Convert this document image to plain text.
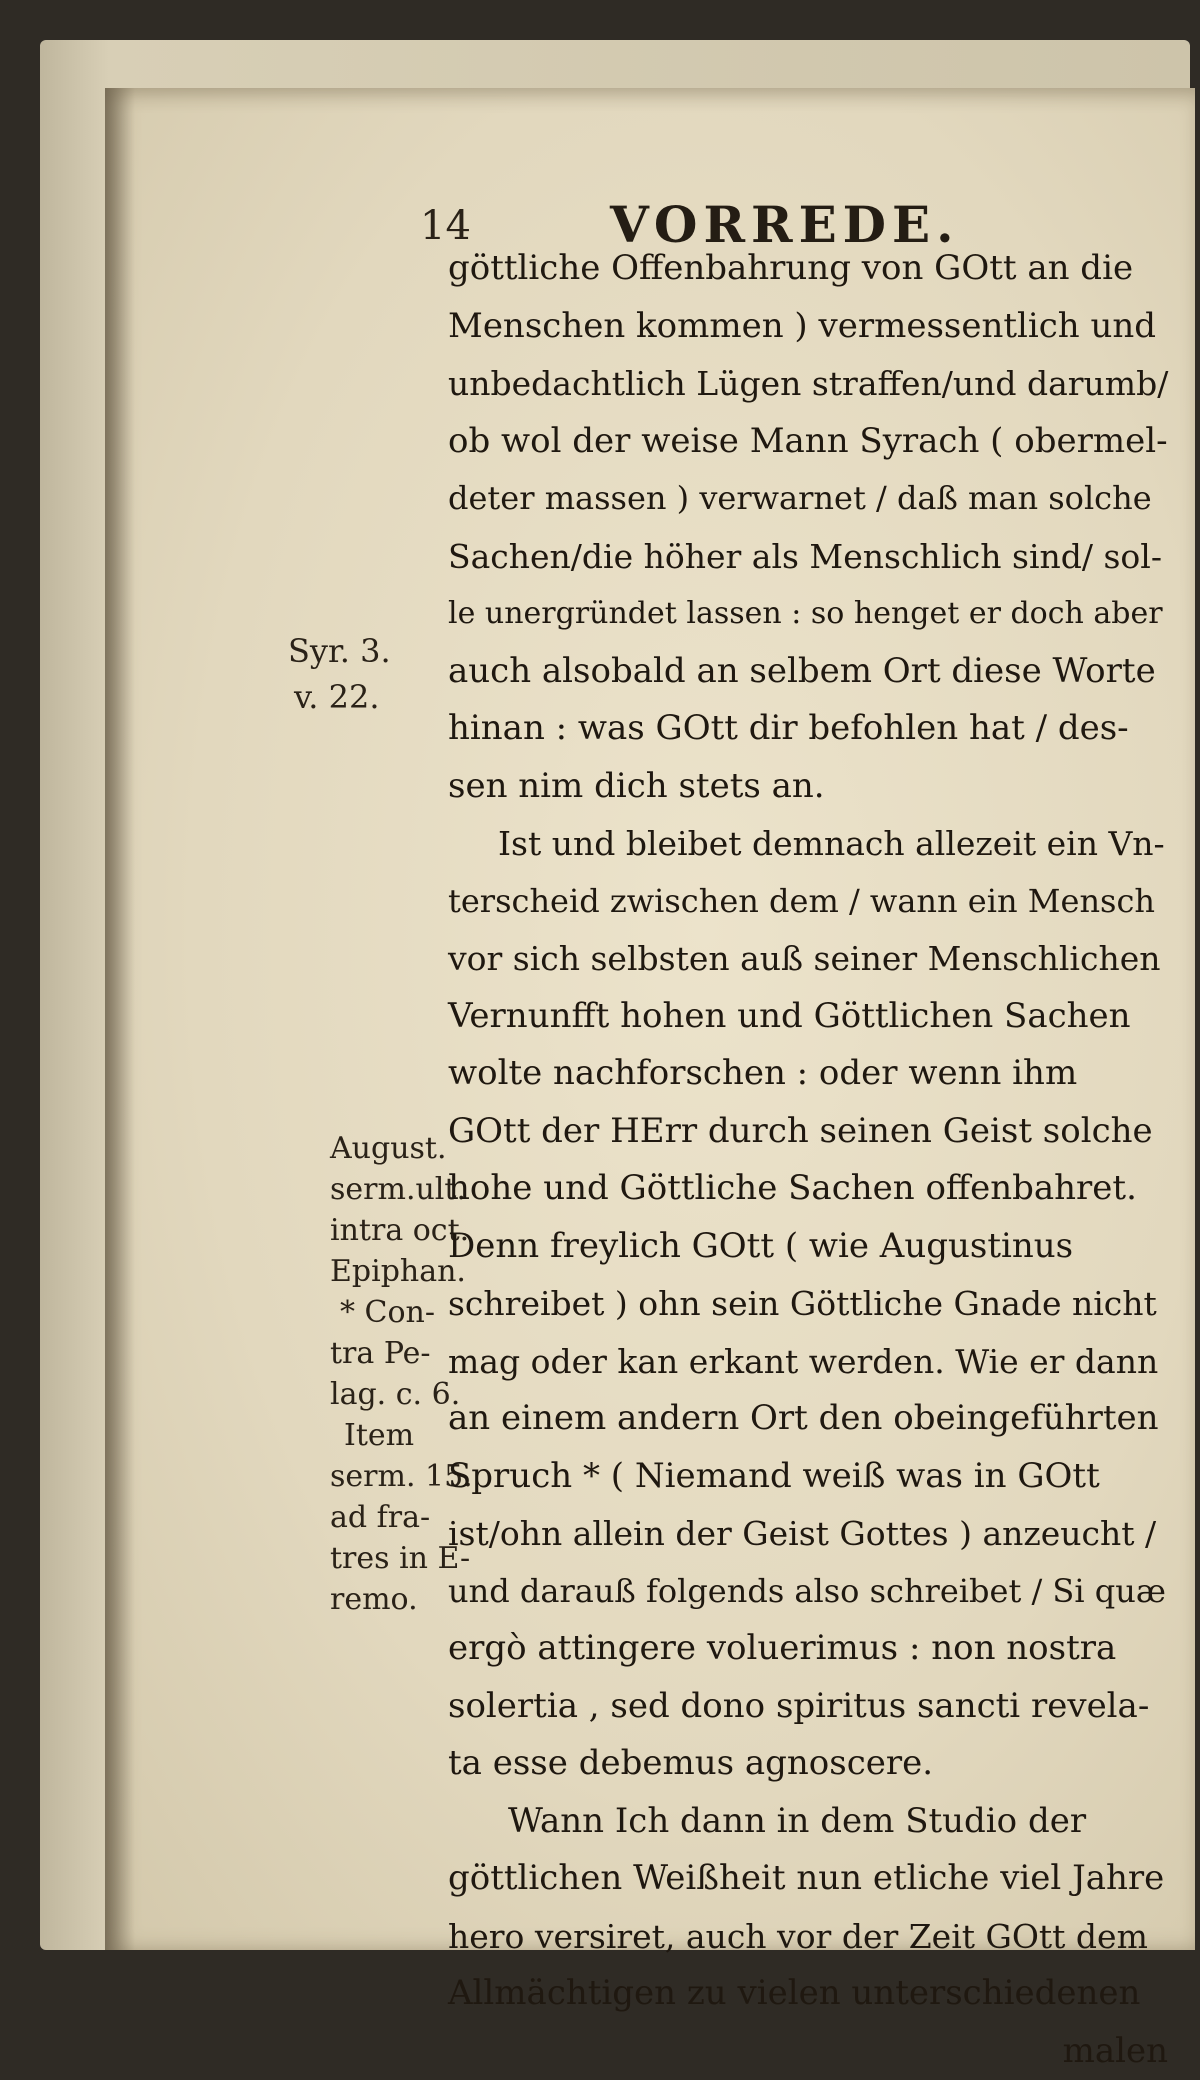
14	VORREDE.
Syr. 3.
v. 22.
August.
serm.ult.
intra oct.
Epiphan.
* Con-
tra Pe-
lag. c. 6.
Item
serm. 15.
ad fra-
tres in E-
remo.
göttliche Offenbahrung von GOtt an die
Menschen kommen ) vermessentlich und
unbedachtlich Lügen straffen/und darumb/
ob wol der weise Mann Syrach ( obermel-
deter massen ) verwarnet / daß man solche
Sachen/die höher als Menschlich sind/ sol-
le unergründet lassen : so henget er doch aber
auch alsobald an selbem Ort diese Worte
hinan : was GOtt dir befohlen hat / des-
sen nim dich stets an.
Ist und bleibet demnach allezeit ein Vn-
terscheid zwischen dem / wann ein Mensch
vor sich selbsten auß seiner Menschlichen
Vernunfft hohen und Göttlichen Sachen
wolte nachforschen : oder wenn ihm
GOtt der HErr durch seinen Geist solche
hohe und Göttliche Sachen offenbahret.
Denn freylich GOtt ( wie Augustinus
schreibet ) ohn sein Göttliche Gnade nicht
mag oder kan erkant werden. Wie er dann
an einem andern Ort den obeingeführten
Spruch * ( Niemand weiß was in GOtt
ist/ohn allein der Geist Gottes ) anzeucht /
und darauß folgends also schreibet / Si quæ
ergò attingere voluerimus : non nostra
solertia , sed dono spiritus sancti revela-
ta esse debemus agnoscere.
Wann Ich dann in dem Studio der
göttlichen Weißheit nun etliche viel Jahre
hero versiret, auch vor der Zeit GOtt dem
Allmächtigen zu vielen unterschiedenen
malen
